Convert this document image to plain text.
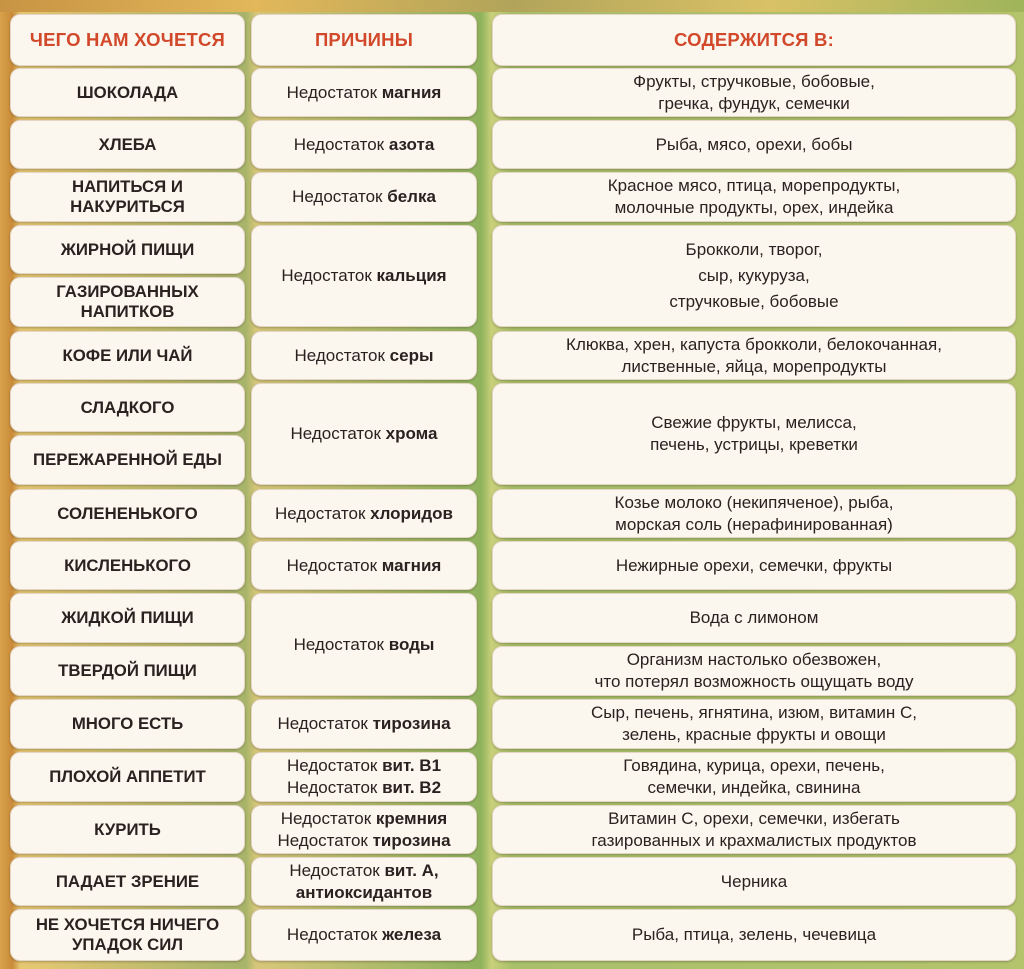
ЧЕГО НАМ ХОЧЕТСЯ	ПРИЧИНЫ	СОДЕРЖИТСЯ В:
ШОКОЛАДА
ХЛЕБА
НАПИТЬСЯ И НАКУРИТЬСЯ
ЖИРНОЙ ПИЩИ
ГАЗИРОВАННЫХ НАПИТКОВ
КОФЕ ИЛИ ЧАЙ
СЛАДКОГО
ПЕРЕЖАРЕННОЙ ЕДЫ
СОЛЕНЕНЬКОГО
КИСЛЕНЬКОГО
ЖИДКОЙ ПИЩИ
ТВЕРДОЙ ПИЩИ
МНОГО ЕСТЬ
ПЛОХОЙ АППЕТИТ
КУРИТЬ
ПАДАЕТ ЗРЕНИЕ
НЕ ХОЧЕТСЯ НИЧЕГО УПАДОК СИЛ
Недостаток
магния
Недостаток
азота
Недостаток
белка
Недостаток
кальция
Недостаток
серы
Недостаток
хрома
Недостаток
хлоридов
Недостаток
магния
Недостаток
воды
Недостаток
тирозина
Недостаток вит. B1
Недостаток вит. B2
Недостаток кремния
Недостаток тирозина
Недостаток вит. А,
антиоксидантов
Недостаток
железа
Фрукты, стручковые, бобовые,
гречка, фундук, семечки
Рыба, мясо, орехи, бобы
Красное мясо, птица, морепродукты,
молочные продукты, орех, индейка
Брокколи, творог,
сыр, кукуруза,
стручковые, бобовые
Клюква, хрен, капуста брокколи, белокочанная,
лиственные, яйца, морепродукты
Свежие фрукты, мелисса,
печень, устрицы, креветки
Козье молоко (некипяченое), рыба,
морская соль (нерафинированная)
Нежирные орехи, семечки, фрукты
Вода с лимоном
Организм настолько обезвожен,
что потерял возможность ощущать воду
Сыр, печень, ягнятина, изюм, витамин С,
зелень, красные фрукты и овощи
Говядина, курица, орехи, печень,
семечки, индейка, свинина
Витамин С, орехи, семечки, избегать
газированных и крахмалистых продуктов
Черника
Рыба, птица, зелень, чечевица
